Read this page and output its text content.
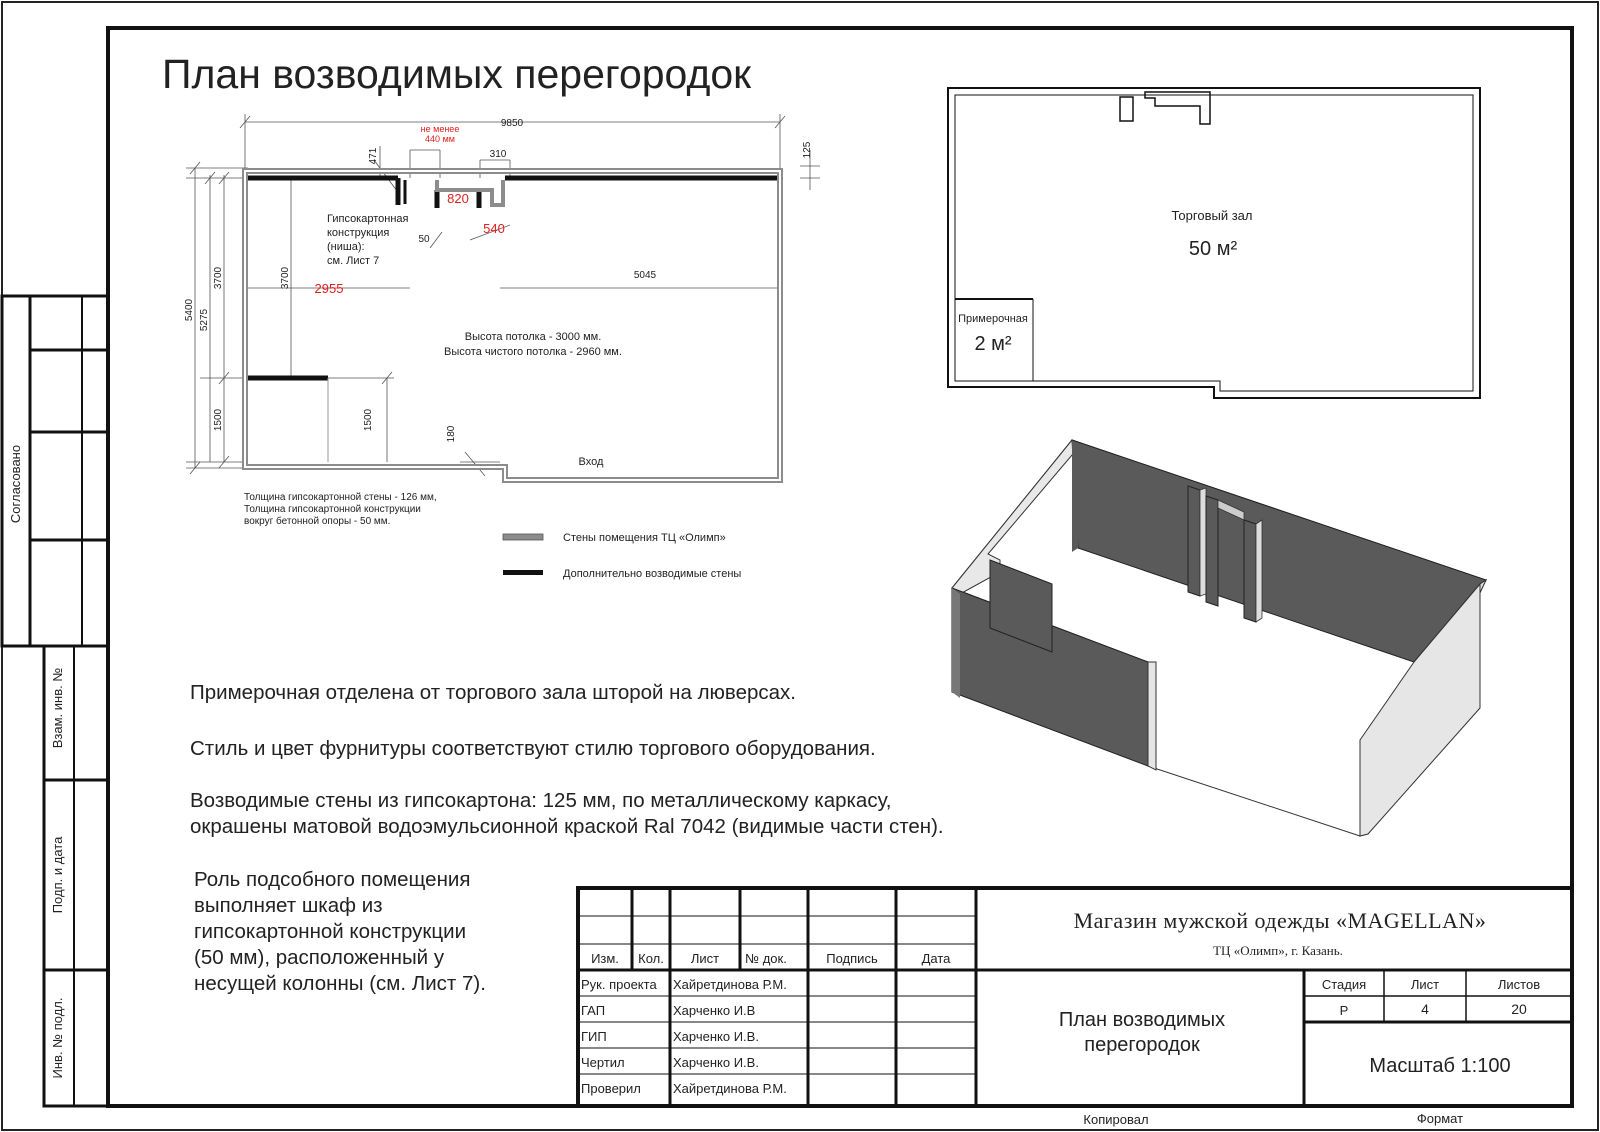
Согласовано
Взам. инв. №
Подп. и дата
Инв. № подл.
План возводимых перегородок
9850
471
не менее
440 мм
310	125
820
540
50
2955
5045
5400 5275
3700	3700
1500	1500
180
Гипсокартонная
конструкция
(ниша):
см. Лист 7
Высота потолка - 3000 мм.
Высота чистого потолка - 2960 мм.
Вход
Толщина гипсокартонной стены - 126 мм,
Толщина гипсокартонной конструкции
вокруг бетонной опоры - 50 мм.
Стены помещения ТЦ «Олимп»
Дополнительно возводимые стены
Торговый зал
50 м²
Примерочная
2 м²
Изм. Кол. Лист № док.	Подпись	Дата
Рук. проекта Хайретдинова Р.М.
ГАП	Харченко И.В
ГИП	Харченко И.В.
Чертил	Харченко И.В.
Проверил Хайретдинова Р.М.
Магазин мужской одежды «MAGELLAN»
ТЦ «Олимп», г. Казань.
План возводимых
перегородок
Стадия	Лист	Листов
Р	4	20
Масштаб 1:100
Копировал	Формат

Примерочная отделена от торгового зала шторой на люверсах.

Стиль и цвет фурнитуры соответствуют стилю торгового оборудования.

Возводимые стены из гипсокартона: 125 мм, по металлическому каркасу,

окрашены матовой водоэмульсионной краской Ral 7042 (видимые части стен).

Роль подсобного помещения

выполняет шкаф из

гипсокартонной конструкции

(50 мм), расположенный у

несущей колонны (см. Лист 7).
